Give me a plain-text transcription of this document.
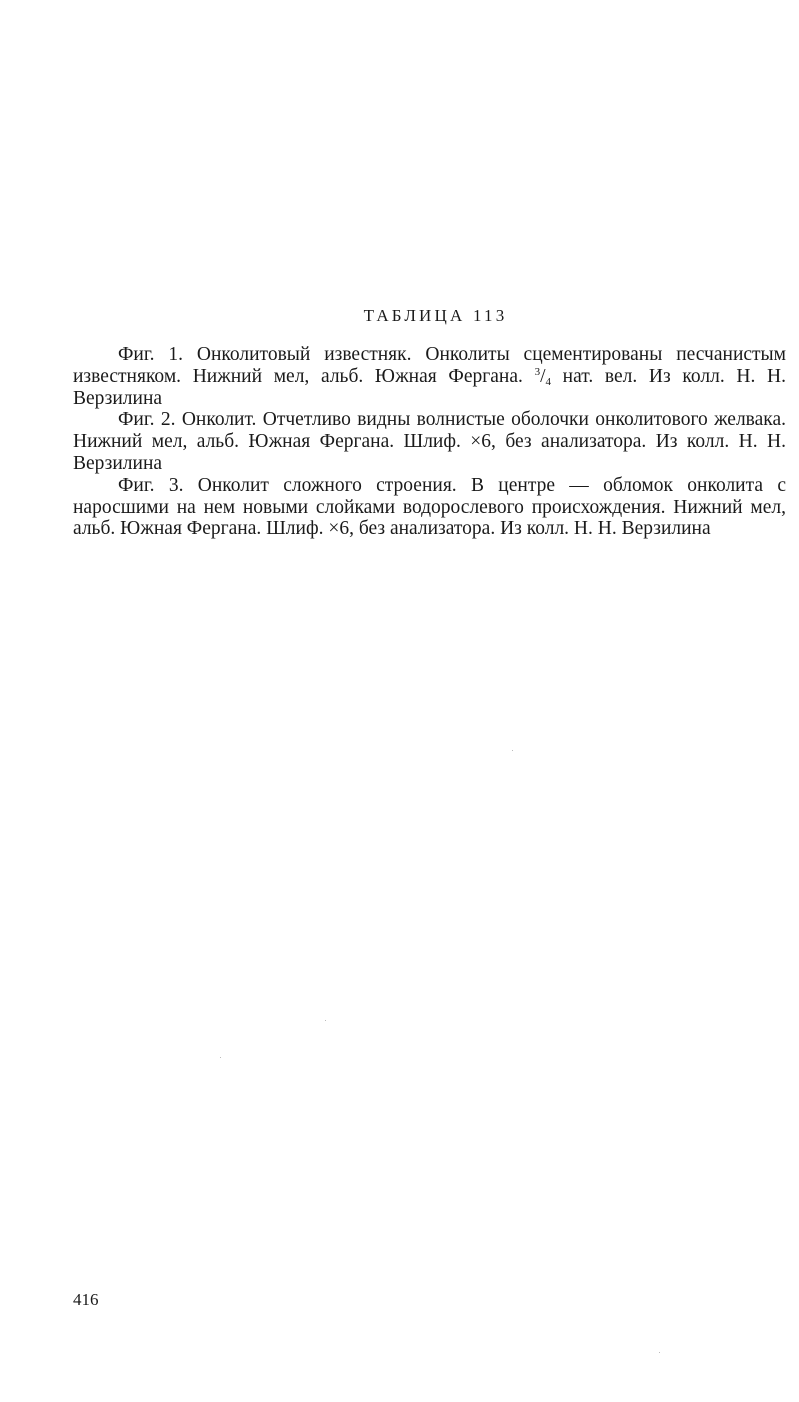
ТАБЛИЦА 113

Фиг. 1. Онколитовый известняк. Онколиты сцементированы песчанистым известняком. Нижний мел, альб. Южная Фергана. $^3/_4$ нат. вел. Из колл. Н. Н. Верзилина

Фиг. 2. Онколит. Отчетливо видны волнистые оболочки онколитового желвака. Нижний мел, альб. Южная Фергана. Шлиф. ×6, без анализатора. Из колл. Н. Н. Верзилина

Фиг. 3. Онколит сложного строения. В центре — обломок онколита с наросшими на нем новыми слойками водорослевого происхождения. Нижний мел, альб. Южная Фергана. Шлиф. ×6, без анализатора. Из колл. Н. Н. Верзилина

416
